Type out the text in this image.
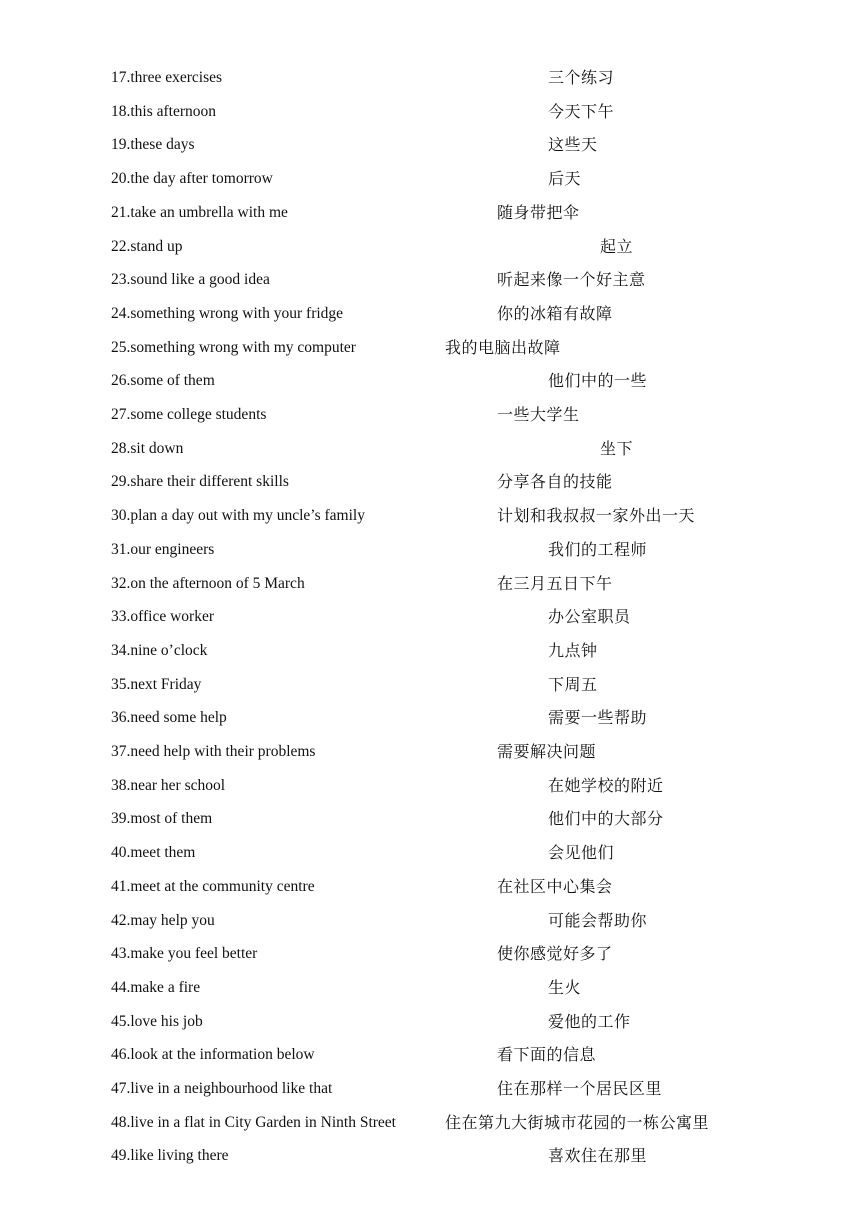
17.three exercises	三个练习
18.this afternoon	今天下午
19.these days	这些天
20.the day after tomorrow	后天
21.take an umbrella with me	随身带把伞
22.stand up	起立
23.sound like a good idea	听起来像一个好主意
24.something wrong with your fridge	你的冰箱有故障
25.something wrong with my computer	我的电脑出故障
26.some of them	他们中的一些
27.some college students	一些大学生
28.sit down	坐下
29.share their different skills	分享各自的技能
30.plan a day out with my uncle’s family	计划和我叔叔一家外出一天
31.our engineers	我们的工程师
32.on the afternoon of 5 March	在三月五日下午
33.office worker	办公室职员
34.nine o’clock	九点钟
35.next Friday	下周五
36.need some help	需要一些帮助
37.need help with their problems	需要解决问题
38.near her school	在她学校的附近
39.most of them	他们中的大部分
40.meet them	会见他们
41.meet at the community centre	在社区中心集会
42.may help you	可能会帮助你
43.make you feel better	使你感觉好多了
44.make a fire	生火
45.love his job	爱他的工作
46.look at the information below	看下面的信息
47.live in a neighbourhood like that	住在那样一个居民区里
48.live in a flat in City Garden in Ninth Street	住在第九大街城市花园的一栋公寓里
49.like living there	喜欢住在那里
